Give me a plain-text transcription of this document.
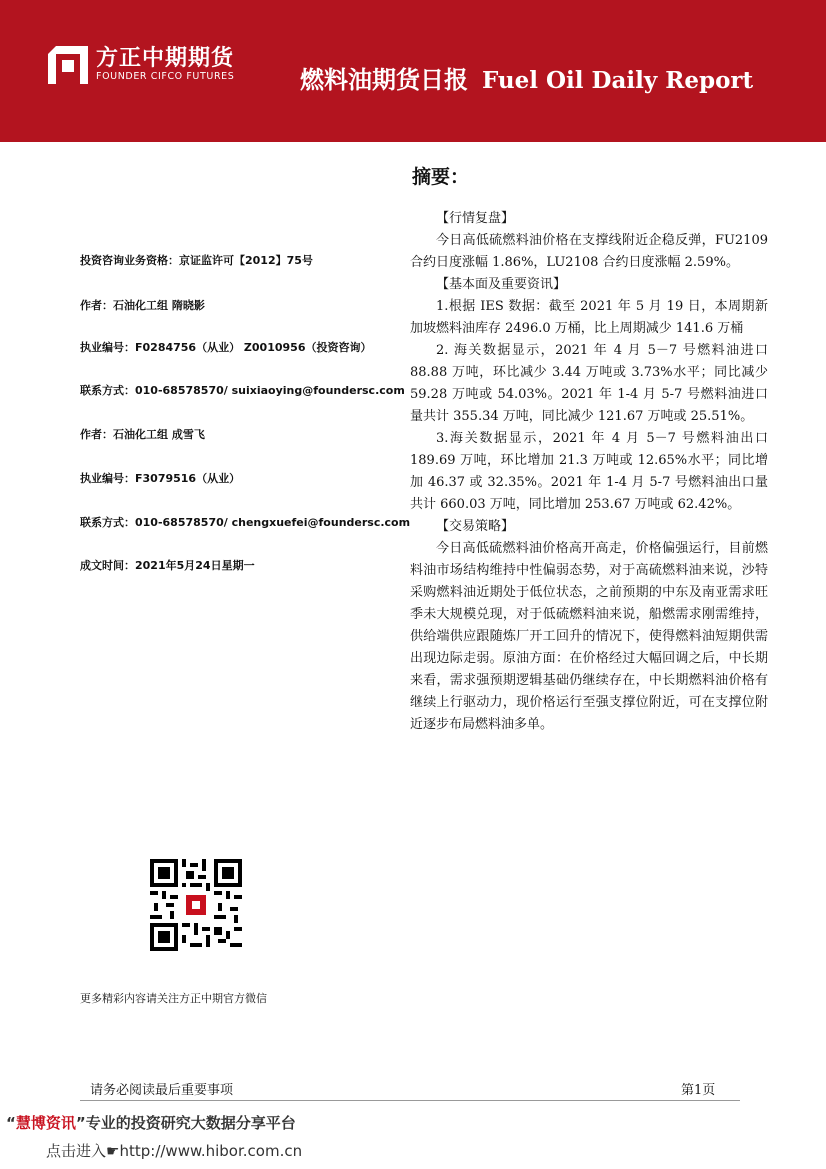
方正中期期货
FOUNDER CIFCO FUTURES	燃料油期货日报 Fuel Oil Daily Report
投资咨询业务资格：京证监许可【2012】75号
作者：石油化工组 隋晓影
执业编号：F0284756（从业） Z0010956（投资咨询）
联系方式：010-68578570/ suixiaoying@foundersc.com
作者：石油化工组 成雪飞
执业编号：F3079516（从业）
联系方式：010-68578570/ chengxuefei@foundersc.com
成文时间：2021年5月24日星期一
更多精彩内容请关注方正中期官方微信
摘要：

【行情复盘】

今日高低硫燃料油价格在支撑线附近企稳反弹，FU2109 合约日度涨幅 1.86%，LU2108 合约日度涨幅 2.59%。

【基本面及重要资讯】

1.根据 IES 数据：截至 2021 年 5 月 19 日，本周期新加坡燃料油库存 2496.0 万桶，比上周期减少 141.6 万桶

2. 海关数据显示，2021 年 4 月 5－7 号燃料油进口 88.88 万吨，环比减少 3.44 万吨或 3.73%水平；同比减少 59.28 万吨或 54.03%。2021 年 1-4 月 5-7 号燃料油进口量共计 355.34 万吨，同比减少 121.67 万吨或 25.51%。

3.海关数据显示，2021 年 4 月 5－7 号燃料油出口 189.69 万吨，环比增加 21.3 万吨或 12.65%水平；同比增加 46.37 或 32.35%。2021 年 1-4 月 5-7 号燃料油出口量共计 660.03 万吨，同比增加 253.67 万吨或 62.42%。

【交易策略】

今日高低硫燃料油价格高开高走，价格偏强运行，目前燃料油市场结构维持中性偏弱态势，对于高硫燃料油来说，沙特采购燃料油近期处于低位状态，之前预期的中东及南亚需求旺季未大规模兑现，对于低硫燃料油来说，船燃需求刚需维持，供给端供应跟随炼厂开工回升的情况下，使得燃料油短期供需出现边际走弱。原油方面：在价格经过大幅回调之后，中长期来看，需求强预期逻辑基础仍继续存在，中长期燃料油价格有继续上行驱动力，现价格运行至强支撑位附近，可在支撑位附近逐步布局燃料油多单。

请务必阅读最后重要事项	第1页
“慧博资讯”专业的投资研究大数据分享平台
点击进入☛http://www.hibor.com.cn
